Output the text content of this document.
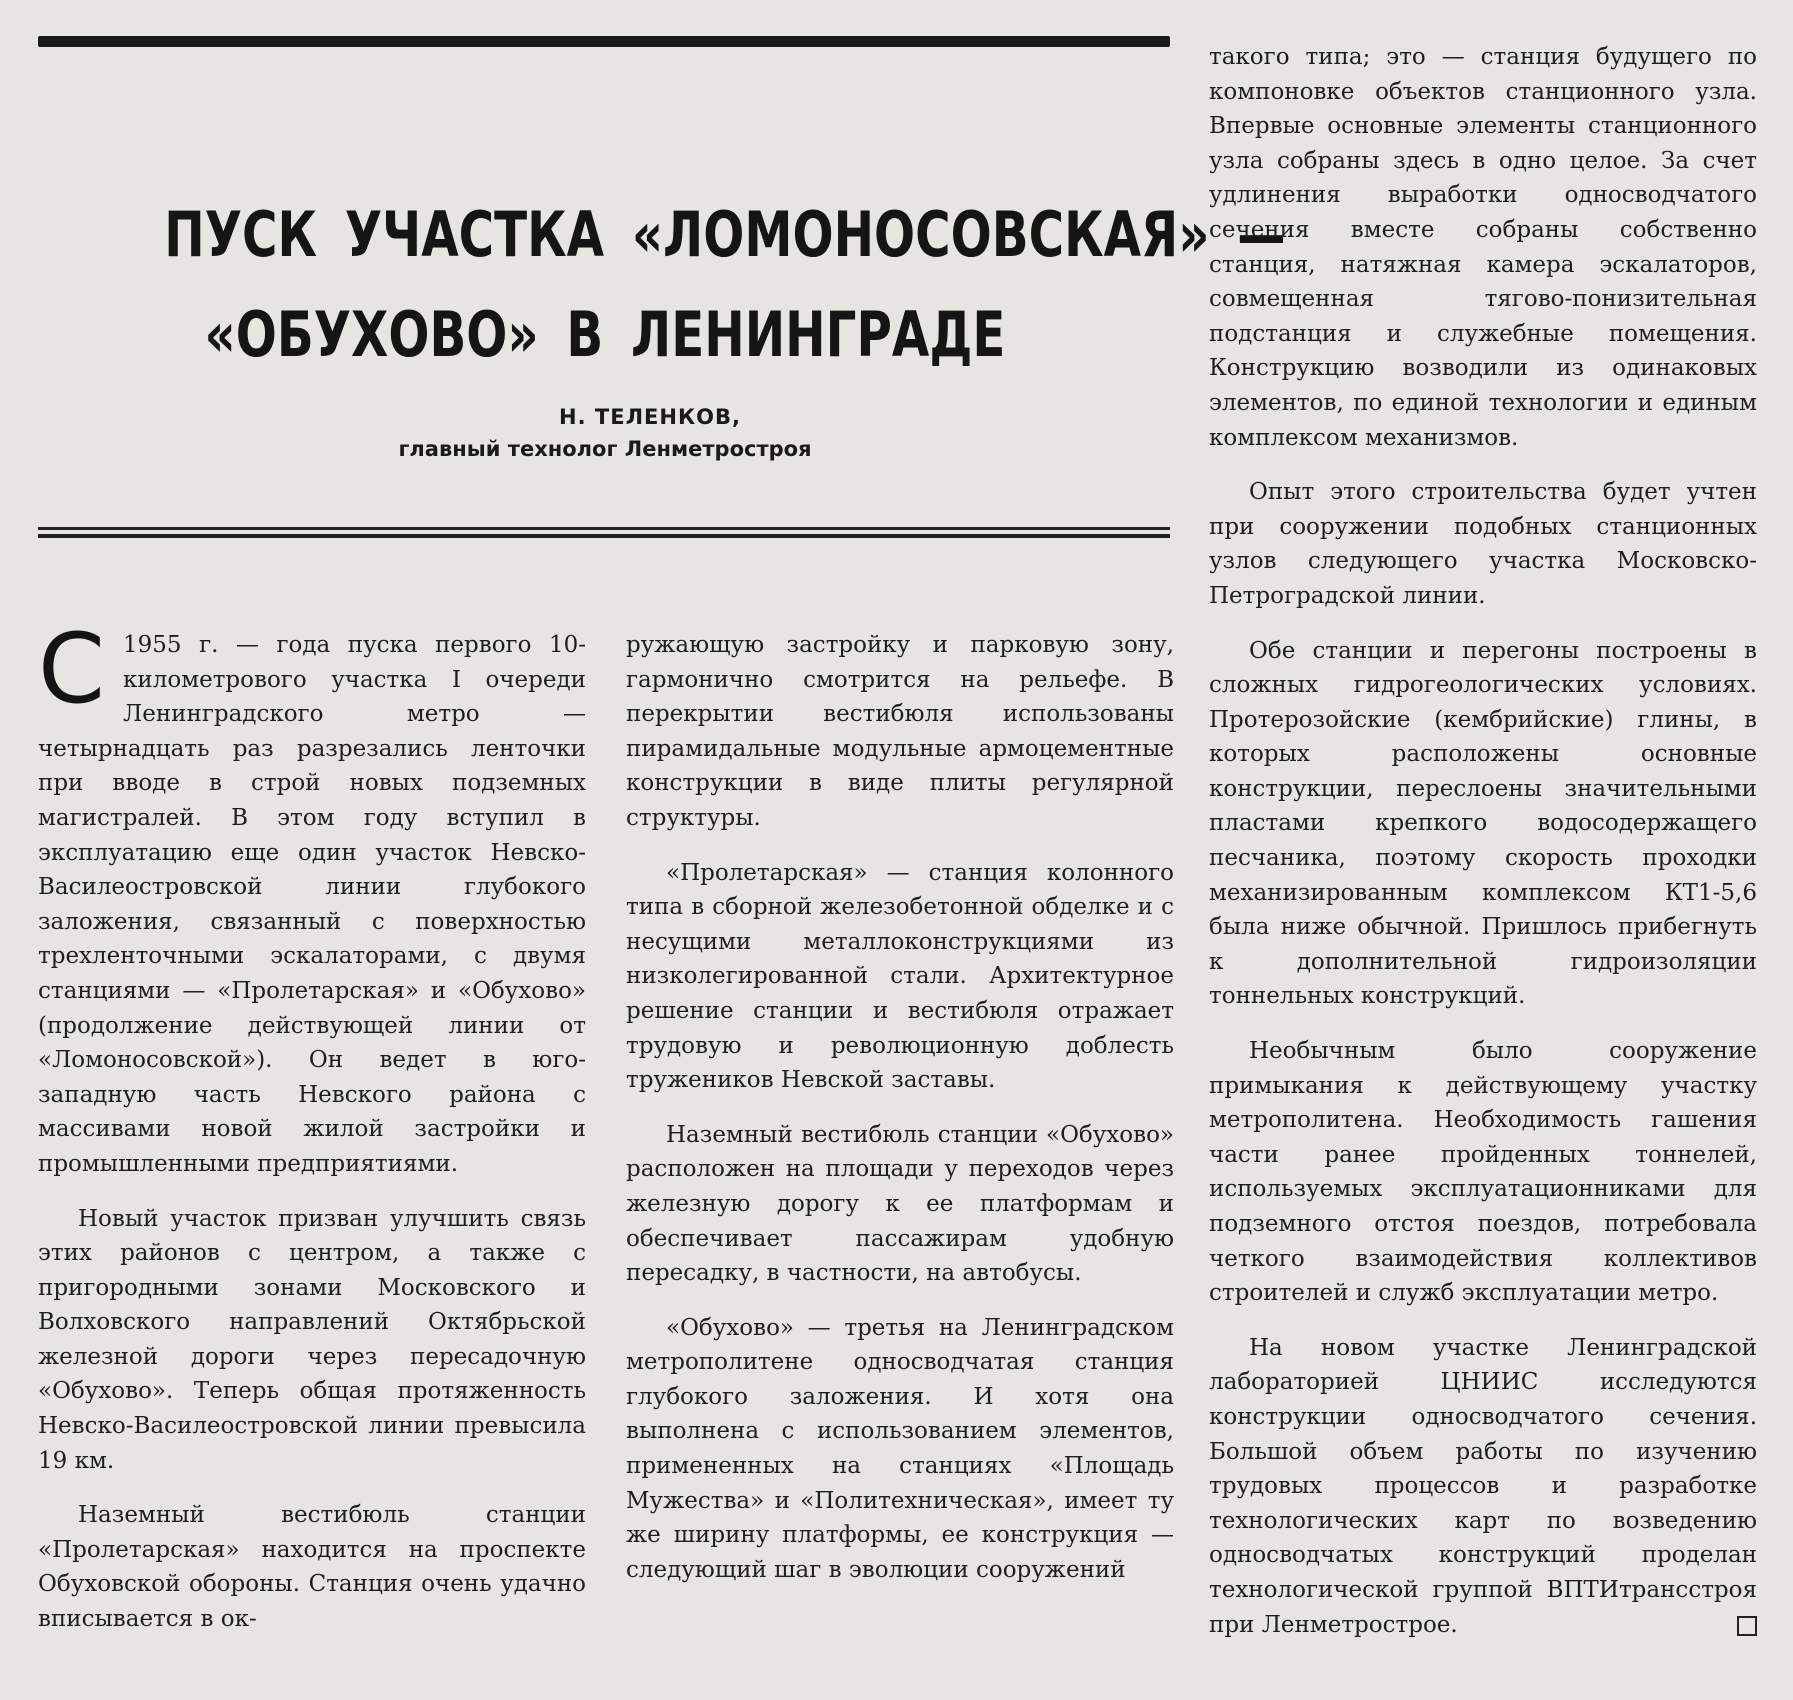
ПУСК УЧАСТКА «ЛОМОНОСОВСКАЯ» —
«ОБУХОВО» В ЛЕНИНГРАДЕ
Н. ТЕЛЕНКОВ,
главный технолог Ленметростроя

С 1955 г. — года пуска первого 10-километрового участка I очереди Ленинградского метро — четырнадцать раз разрезались ленточки при вводе в строй новых подземных магистралей. В этом году вступил в эксплуатацию еще один участок Невско-Василеостровской линии глубокого заложения, связанный с поверхностью трехленточными эскалаторами, с двумя станциями — «Пролетарская» и «Обухово» (продолжение действующей линии от «Ломоносовской»). Он ведет в юго-западную часть Невского района с массивами новой жилой застройки и промышленными предприятиями.

Новый участок призван улучшить связь этих районов с центром, а также с пригородными зонами Московского и Волховского направлений Октябрьской железной дороги через пересадочную «Обухово». Теперь общая протяженность Невско-Василеостровской линии превысила 19 км.

Наземный вестибюль станции «Пролетарская» находится на проспекте Обуховской обороны. Станция очень удачно вписывается в ок-

ружающую застройку и парковую зону, гармонично смотрится на рельефе. В перекрытии вестибюля использованы пирамидальные модульные армоцементные конструкции в виде плиты регулярной структуры.

«Пролетарская» — станция колонного типа в сборной железобетонной обделке и с несущими металлоконструкциями из низколегированной стали. Архитектурное решение станции и вестибюля отражает трудовую и революционную доблесть тружеников Невской заставы.

Наземный вестибюль станции «Обухово» расположен на площади у переходов через железную дорогу к ее платформам и обеспечивает пассажирам удобную пересадку, в частности, на автобусы.

«Обухово» — третья на Ленинградском метрополитене односводчатая станция глубокого заложения. И хотя она выполнена с использованием элементов, примененных на станциях «Площадь Мужества» и «Политехническая», имеет ту же ширину платформы, ее конструкция — следующий шаг в эволюции сооружений

такого типа; это — станция будущего по компоновке объектов станционного узла. Впервые основные элементы станционного узла собраны здесь в одно целое. За счет удлинения выработки односводчатого сечения вместе собраны собственно станция, натяжная камера эскалаторов, совмещенная тягово-понизительная подстанция и служебные помещения. Конструкцию возводили из одинаковых элементов, по единой технологии и единым комплексом механизмов.

Опыт этого строительства будет учтен при сооружении подобных станционных узлов следующего участка Московско-Петроградской линии.

Обе станции и перегоны построены в сложных гидрогеологических условиях. Протерозойские (кембрийские) глины, в которых расположены основные конструкции, переслоены значительными пластами крепкого водосодержащего песчаника, поэтому скорость проходки механизированным комплексом КТ1-5,6 была ниже обычной. Пришлось прибегнуть к дополнительной гидроизоляции тоннельных конструкций.

Необычным было сооружение примыкания к действующему участку метрополитена. Необходимость гашения части ранее пройденных тоннелей, используемых эксплуатационниками для подземного отстоя поездов, потребовала четкого взаимодействия коллективов строителей и служб эксплуатации метро.

На новом участке Ленинградской лабораторией ЦНИИС исследуются конструкции односводчатого сечения. Большой объем работы по изучению трудовых процессов и разработке технологических карт по возведению односводчатых конструкций проделан технологической группой ВПТИтрансстроя при Ленметрострое.
